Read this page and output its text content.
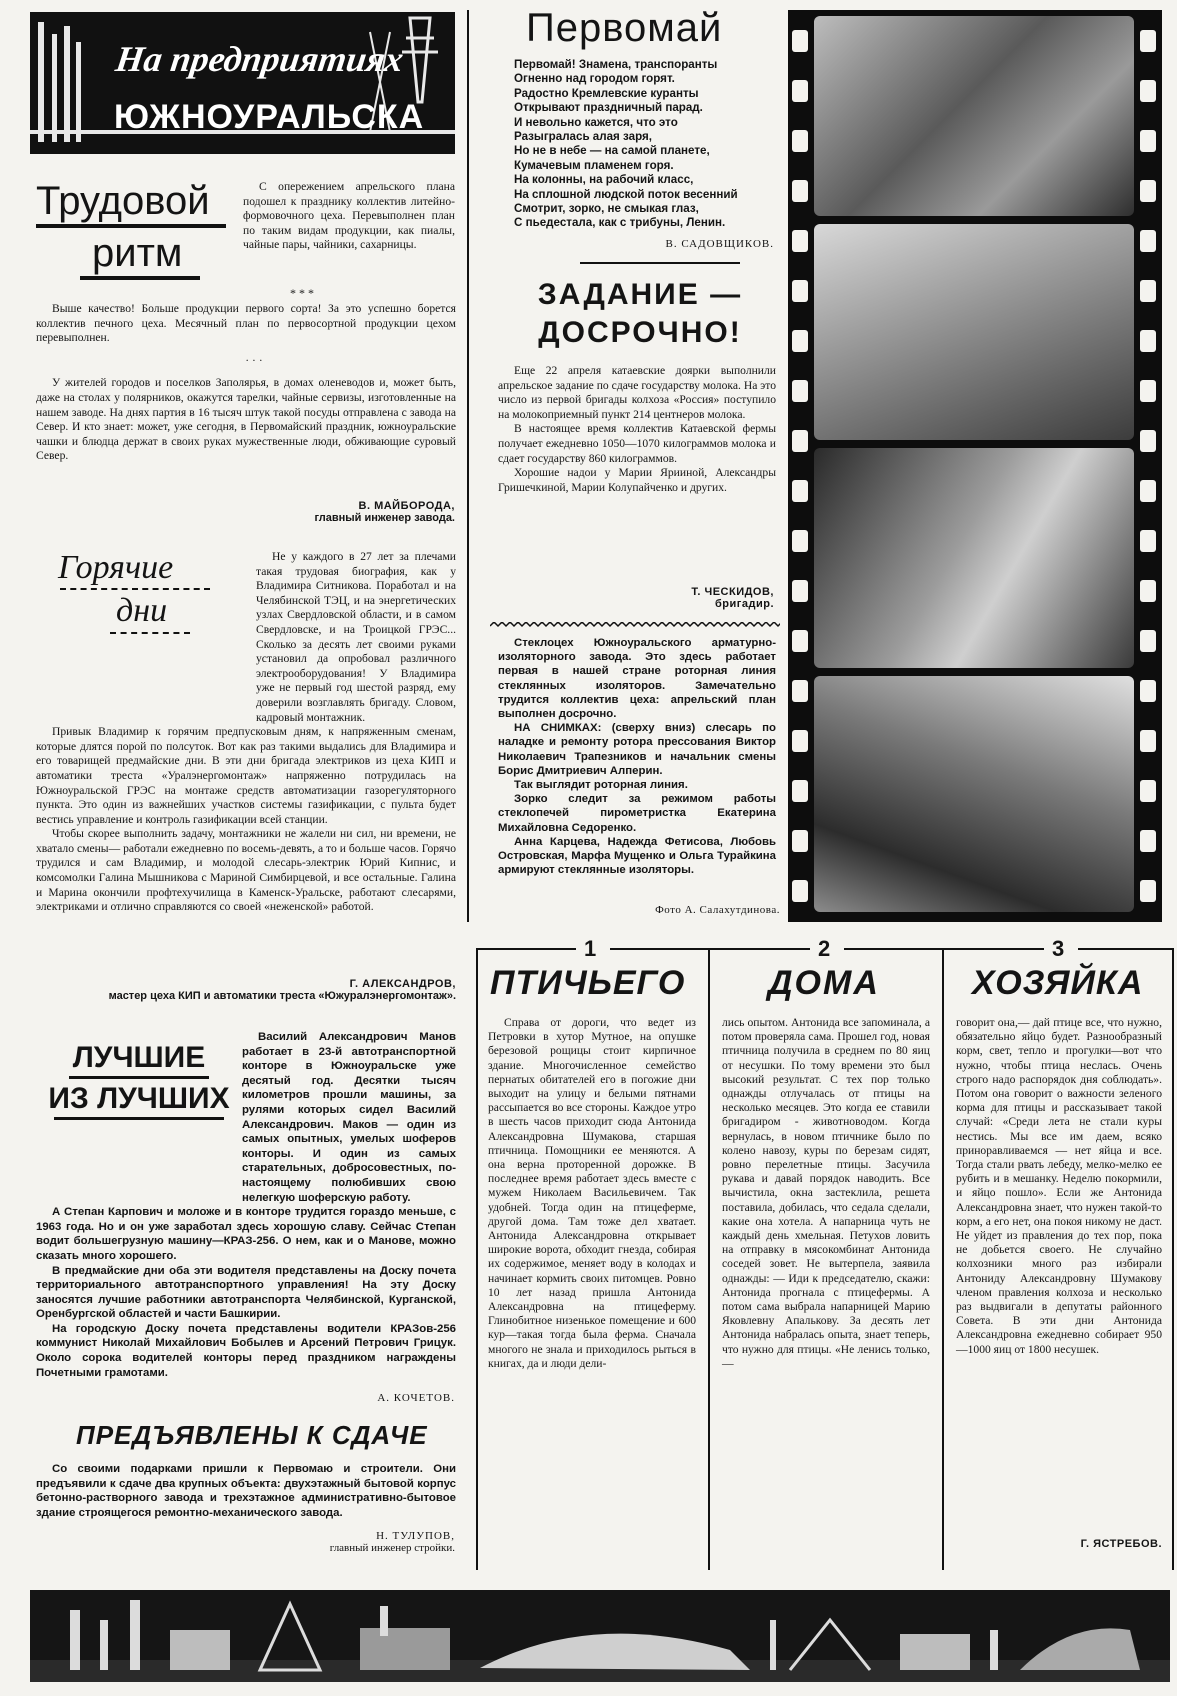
На предприятиях
ЮЖНОУРАЛЬСКА
Трудовой
ритм
С опережением апрельского плана подошел к празднику коллектив литейно-формовочного цеха. Перевыполнен план по таким видам продукции, как пиалы, чайные пары, чайники, сахарницы.
* * *

Выше качество! Больше продукции первого сорта! За это успешно борется коллектив печного цеха. Месячный план по первосортной продукции цехом перевыполнен.

· · ·

У жителей городов и поселков Заполярья, в домах оленеводов и, может быть, даже на столах у полярников, окажутся тарелки, чайные сервизы, изготовленные на нашем заводе. На днях партия в 16 тысяч штук такой посуды отправлена с завода на Север. И кто знает: может, уже сегодня, в Первомайский праздник, южноуральские чашки и блюдца держат в своих руках мужественные люди, обживающие суровый Север.

В. МАЙБОРОДА,
главный инженер завода.
Горячие
дни

Не у каждого в 27 лет за плечами такая трудовая биография, как у Владимира Ситникова. Поработал и на Челябинской ТЭЦ, и на энергетических узлах Свердловской области, и в самом Свердловске, и на Троицкой ГРЭС... Сколько за десять лет своими руками установил да опробовал различного электрооборудования! У Владимира уже не первый год шестой разряд, ему доверили возглавлять бригаду. Словом, кадровый монтажник.

Привык Владимир к горячим предпусковым дням, к напряженным сменам, которые длятся порой по полсуток. Вот как раз такими выдались для Владимира и его товарищей предмайские дни. В эти дни бригада электриков из цеха КИП и автоматики треста «Уралэнергомонтаж» напряженно потрудилась на Южноуральской ГРЭС на монтаже средств автоматизации газорегуляторного пункта. Это один из важнейших участков системы газификации, с пульта будет вестись управление и контроль газификации всей станции.

Чтобы скорее выполнить задачу, монтажники не жалели ни сил, ни времени, не хватало смены— работали ежедневно по восемь-девять, а то и больше часов. Горячо трудился и сам Владимир, и молодой слесарь-электрик Юрий Кипнис, и комсомолки Галина Мышникова с Мариной Симбирцевой, и все остальные. Галина и Марина окончили профтехучилища в Каменск-Уральске, работают слесарями, электриками и отлично справляются со своей «неженской» работой.

Г. АЛЕКСАНДРОВ,
мастер цеха КИП и автоматики треста «Южуралэнергомонтаж».
ЛУЧШИЕ
ИЗ ЛУЧШИХ

Василий Александрович Манов работает в 23-й автотранспортной конторе в Южноуральске уже десятый год. Десятки тысяч километров прошли машины, за рулями которых сидел Василий Александрович. Маков — один из самых опытных, умелых шоферов конторы. И один из самых старательных, добросовестных, по-настоящему полюбивших свою нелегкую шоферскую работу.

А Степан Карпович и моложе и в конторе трудится гораздо меньше, с 1963 года. Но и он уже заработал здесь хорошую славу. Сейчас Степан водит большегрузную машину—КРАЗ-256. О нем, как и о Манове, можно сказать много хорошего.

В предмайские дни оба эти водителя представлены на Доску почета территориального автотранспортного управления! На эту Доску заносятся лучшие работники автотранспорта Челябинской, Курганской, Оренбургской областей и части Башкирии.

На городскую Доску почета представлены водители КРАЗов-256 коммунист Николай Михайлович Бобылев и Арсений Петрович Грицук. Около сорока водителей конторы перед праздником награждены Почетными грамотами.

А. КОЧЕТОВ.
ПРЕДЪЯВЛЕНЫ К СДАЧЕ

Со своими подарками пришли к Первомаю и строители. Они предъявили к сдаче два крупных объекта: двухэтажный бытовой корпус бетонно-растворного завода и трехэтажное административно-бытовое здание строящегося ремонтно-механического завода.

Н. ТУЛУПОВ,
главный инженер стройки.
Первомай
Первомай! Знамена, транспоранты
Огненно над городом горят.
Радостно Кремлевские куранты
Открывают праздничный парад.
И невольно кажется, что это
Разыгралась алая заря,
Но не в небе — на самой планете,
Кумачевым пламенем горя.
На колонны, на рабочий класс,
На сплошной людской поток весенний
Смотрит, зорко, не смыкая глаз,
С пьедестала, как с трибуны, Ленин.
В. САДОВЩИКОВ.
ЗАДАНИЕ —
ДОСРОЧНО!

Еще 22 апреля катаевские доярки выполнили апрельское задание по сдаче государству молока. На это число из первой бригады колхоза «Россия» поступило на молокоприемный пункт 214 центнеров молока.

В настоящее время коллектив Катаевской фермы получает ежедневно 1050—1070 килограммов молока и сдает государству 860 килограммов.

Хорошие надои у Марии Ярииной, Александры Гришечкиной, Марии Колупайченко и других.

Т. ЧЕСКИДОВ,
бригадир.

Стеклоцех Южноуральского арматурно-изоляторного завода. Это здесь работает первая в нашей стране роторная линия стеклянных изоляторов. Замечательно трудится коллектив цеха: апрельский план выполнен досрочно.

НА СНИМКАХ: (сверху вниз) слесарь по наладке и ремонту ротора прессования Виктор Николаевич Трапезников и начальник смены Борис Дмитриевич Алперин.

Так выглядит роторная линия.

Зорко следит за режимом работы стеклопечей пирометристка Екатерина Михайловна Седоренко.

Анна Карцева, Надежда Фетисова, Любовь Островская, Марфа Мущенко и Ольга Турайкина армируют стеклянные изоляторы.

Фото А. Салахутдинова.
1	2	3
ПТИЧЬЕГО ДОМА	ХОЗЯЙКА
Справа от дороги, что ведет из Петровки в хутор Мутное, на опушке березовой рощицы стоит кирпичное здание. Многочисленное семейство пернатых обитателей его в погожие дни выходит на улицу и белыми пятнами рассыпается во все стороны. Каждое утро в шесть часов приходит сюда Антонида Александровна Шумакова, старшая птичница. Помощники ее меняются. А она верна проторенной дорожке. В последнее время работает здесь вместе с мужем Николаем Васильевичем. Так удобней. Тогда один на птицеферме, другой дома. Там тоже дел хватает. Антонида Александровна открывает широкие ворота, обходит гнезда, собирая их содержимое, меняет воду в колодах и начинает кормить своих питомцев. Ровно 10 лет назад пришла Антонида Александровна на птицеферму. Глинобитное низенькое помещение и 600 кур—такая тогда была ферма. Сначала многого не знала и приходилось рыться в книгах, да и люди дели-
лись опытом. Антонида все запоминала, а потом проверяла сама. Прошел год, новая птичница получила в среднем по 80 яиц от несушки. По тому времени это был высокий результат. С тех пор только однажды отлучалась от птицы на несколько месяцев. Это когда ее ставили бригадиром - животноводом. Когда вернулась, в новом птичнике было по колено навозу, куры по березам сидят, ровно перелетные птицы. Засучила рукава и давай порядок наводить. Все вычистила, окна застеклила, решета поставила, добилась, что седала сделали, какие она хотела. А напарница чуть не каждый день хмельная. Петухов ловить на отправку в мясокомбинат Антонида соседей зовет. Не вытерпела, заявила однажды: — Иди к председателю, скажи: Антонида прогнала с птицефермы. А потом сама выбрала напарницей Марию Яковлевну Апалькову. За десять лет Антонида набралась опыта, знает теперь, что нужно для птицы. «Не ленись только,—
говорит она,— дай птице все, что нужно, обязательно яйцо будет. Разнообразный корм, свет, тепло и прогулки—вот что нужно, чтобы птица неслась. Очень строго надо распорядок дня соблюдать». Потом она говорит о важности зеленого корма для птицы и рассказывает такой случай: «Среди лета не стали куры нестись. Мы все им даем, всяко приноравливаемся — нет яйца и все. Тогда стали рвать лебеду, мелко-мелко ее рубить и в мешанку. Неделю покормили, и яйцо пошло». Если же Антонида Александровна знает, что нужен такой-то корм, а его нет, она покоя никому не даст. Не уйдет из правления до тех пор, пока не добьется своего. Не случайно колхозники много раз избирали Антониду Александровну Шумакову членом правления колхоза и несколько раз выдвигали в депутаты районного Совета. В эти дни Антонида Александровна ежедневно собирает 950—1000 яиц от 1800 несушек.
Г. ЯСТРЕБОВ.
